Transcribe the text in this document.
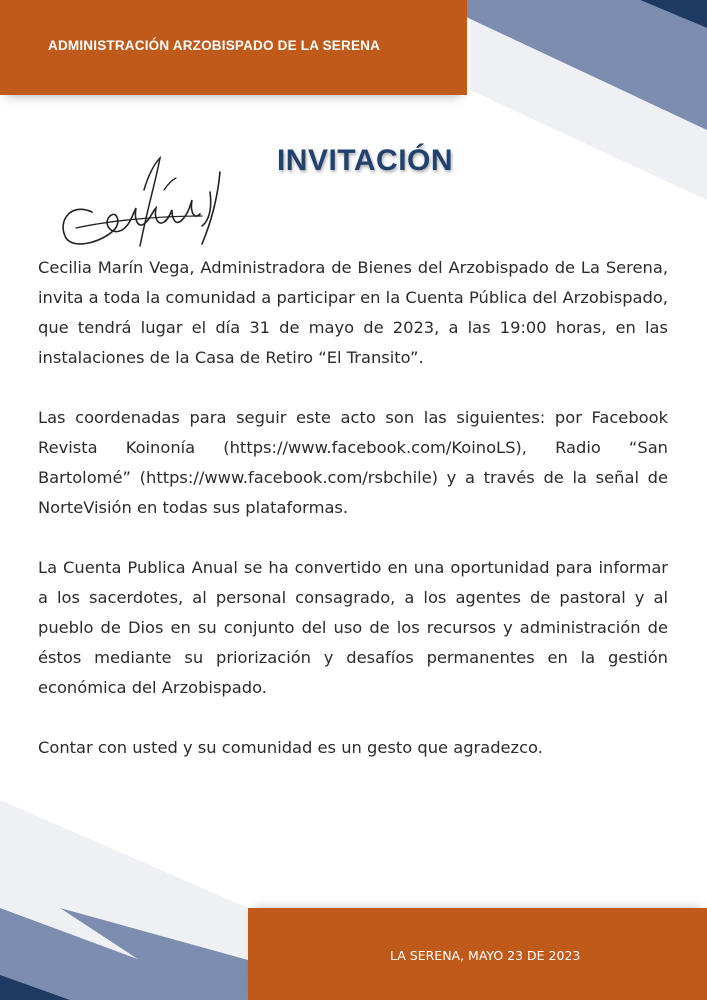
ADMINISTRACIÓN ARZOBISPADO DE LA SERENA
INVITACIÓN

Cecilia Marín Vega, Administradora de Bienes del Arzobispado de La Serena, invita a toda la comunidad a participar en la Cuenta Pública del Arzobispado, que tendrá lugar el día 31 de mayo de 2023, a las 19:00 horas, en las instalaciones de la Casa de Retiro “El Transito”.

Las coordenadas para seguir este acto son las siguientes: por Facebook Revista Koinonía (https://www.facebook.com/KoinoLS), Radio “San Bartolomé” (https://www.facebook.com/rsbchile) y a través de la señal de NorteVisión en todas sus plataformas.

La Cuenta Publica Anual se ha convertido en una oportunidad para informar a los sacerdotes, al personal consagrado, a los agentes de pastoral y al pueblo de Dios en su conjunto del uso de los recursos y administración de éstos mediante su priorización y desafíos permanentes en la gestión económica del Arzobispado.

Contar con usted y su comunidad es un gesto que agradezco.

LA SERENA, MAYO 23 DE 2023
